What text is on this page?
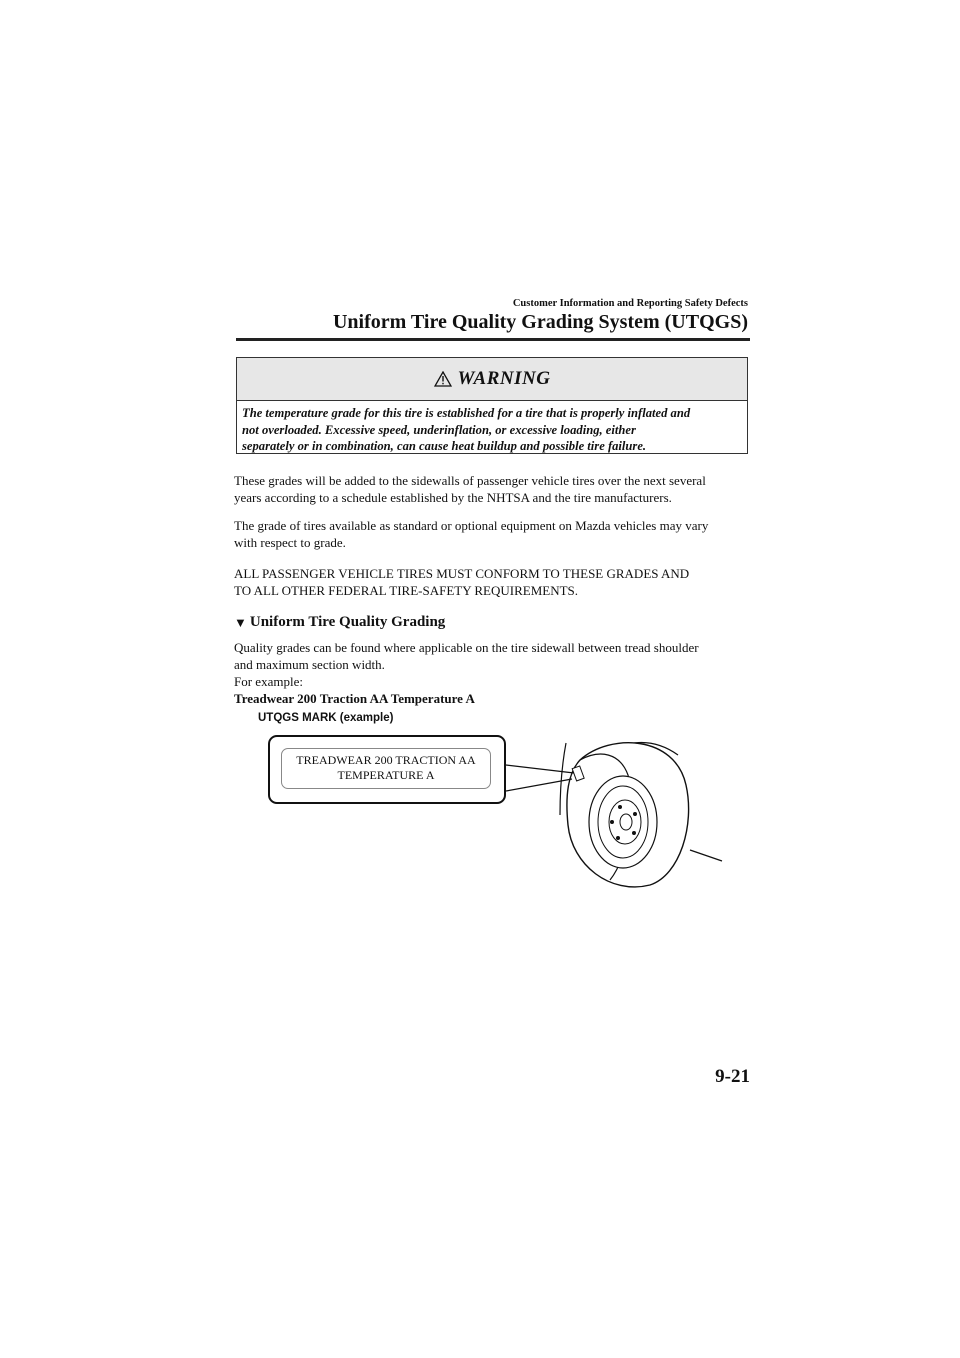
Customer Information and Reporting Safety Defects
Uniform Tire Quality Grading System (UTQGS)
WARNING
The temperature grade for this tire is established for a tire that is properly inflated and
not overloaded. Excessive speed, underinflation, or excessive loading, either
separately or in combination, can cause heat buildup and possible tire failure.
These grades will be added to the sidewalls of passenger vehicle tires over the next several
years according to a schedule established by the NHTSA and the tire manufacturers.
The grade of tires available as standard or optional equipment on Mazda vehicles may vary
with respect to grade.
ALL PASSENGER VEHICLE TIRES MUST CONFORM TO THESE GRADES AND
TO ALL OTHER FEDERAL TIRE-SAFETY REQUIREMENTS.
▼ Uniform Tire Quality Grading
Quality grades can be found where applicable on the tire sidewall between tread shoulder
and maximum section width.
For example:
Treadwear 200 Traction AA Temperature A
UTQGS MARK (example)
TREADWEAR 200 TRACTION AA
TEMPERATURE A
9-21
